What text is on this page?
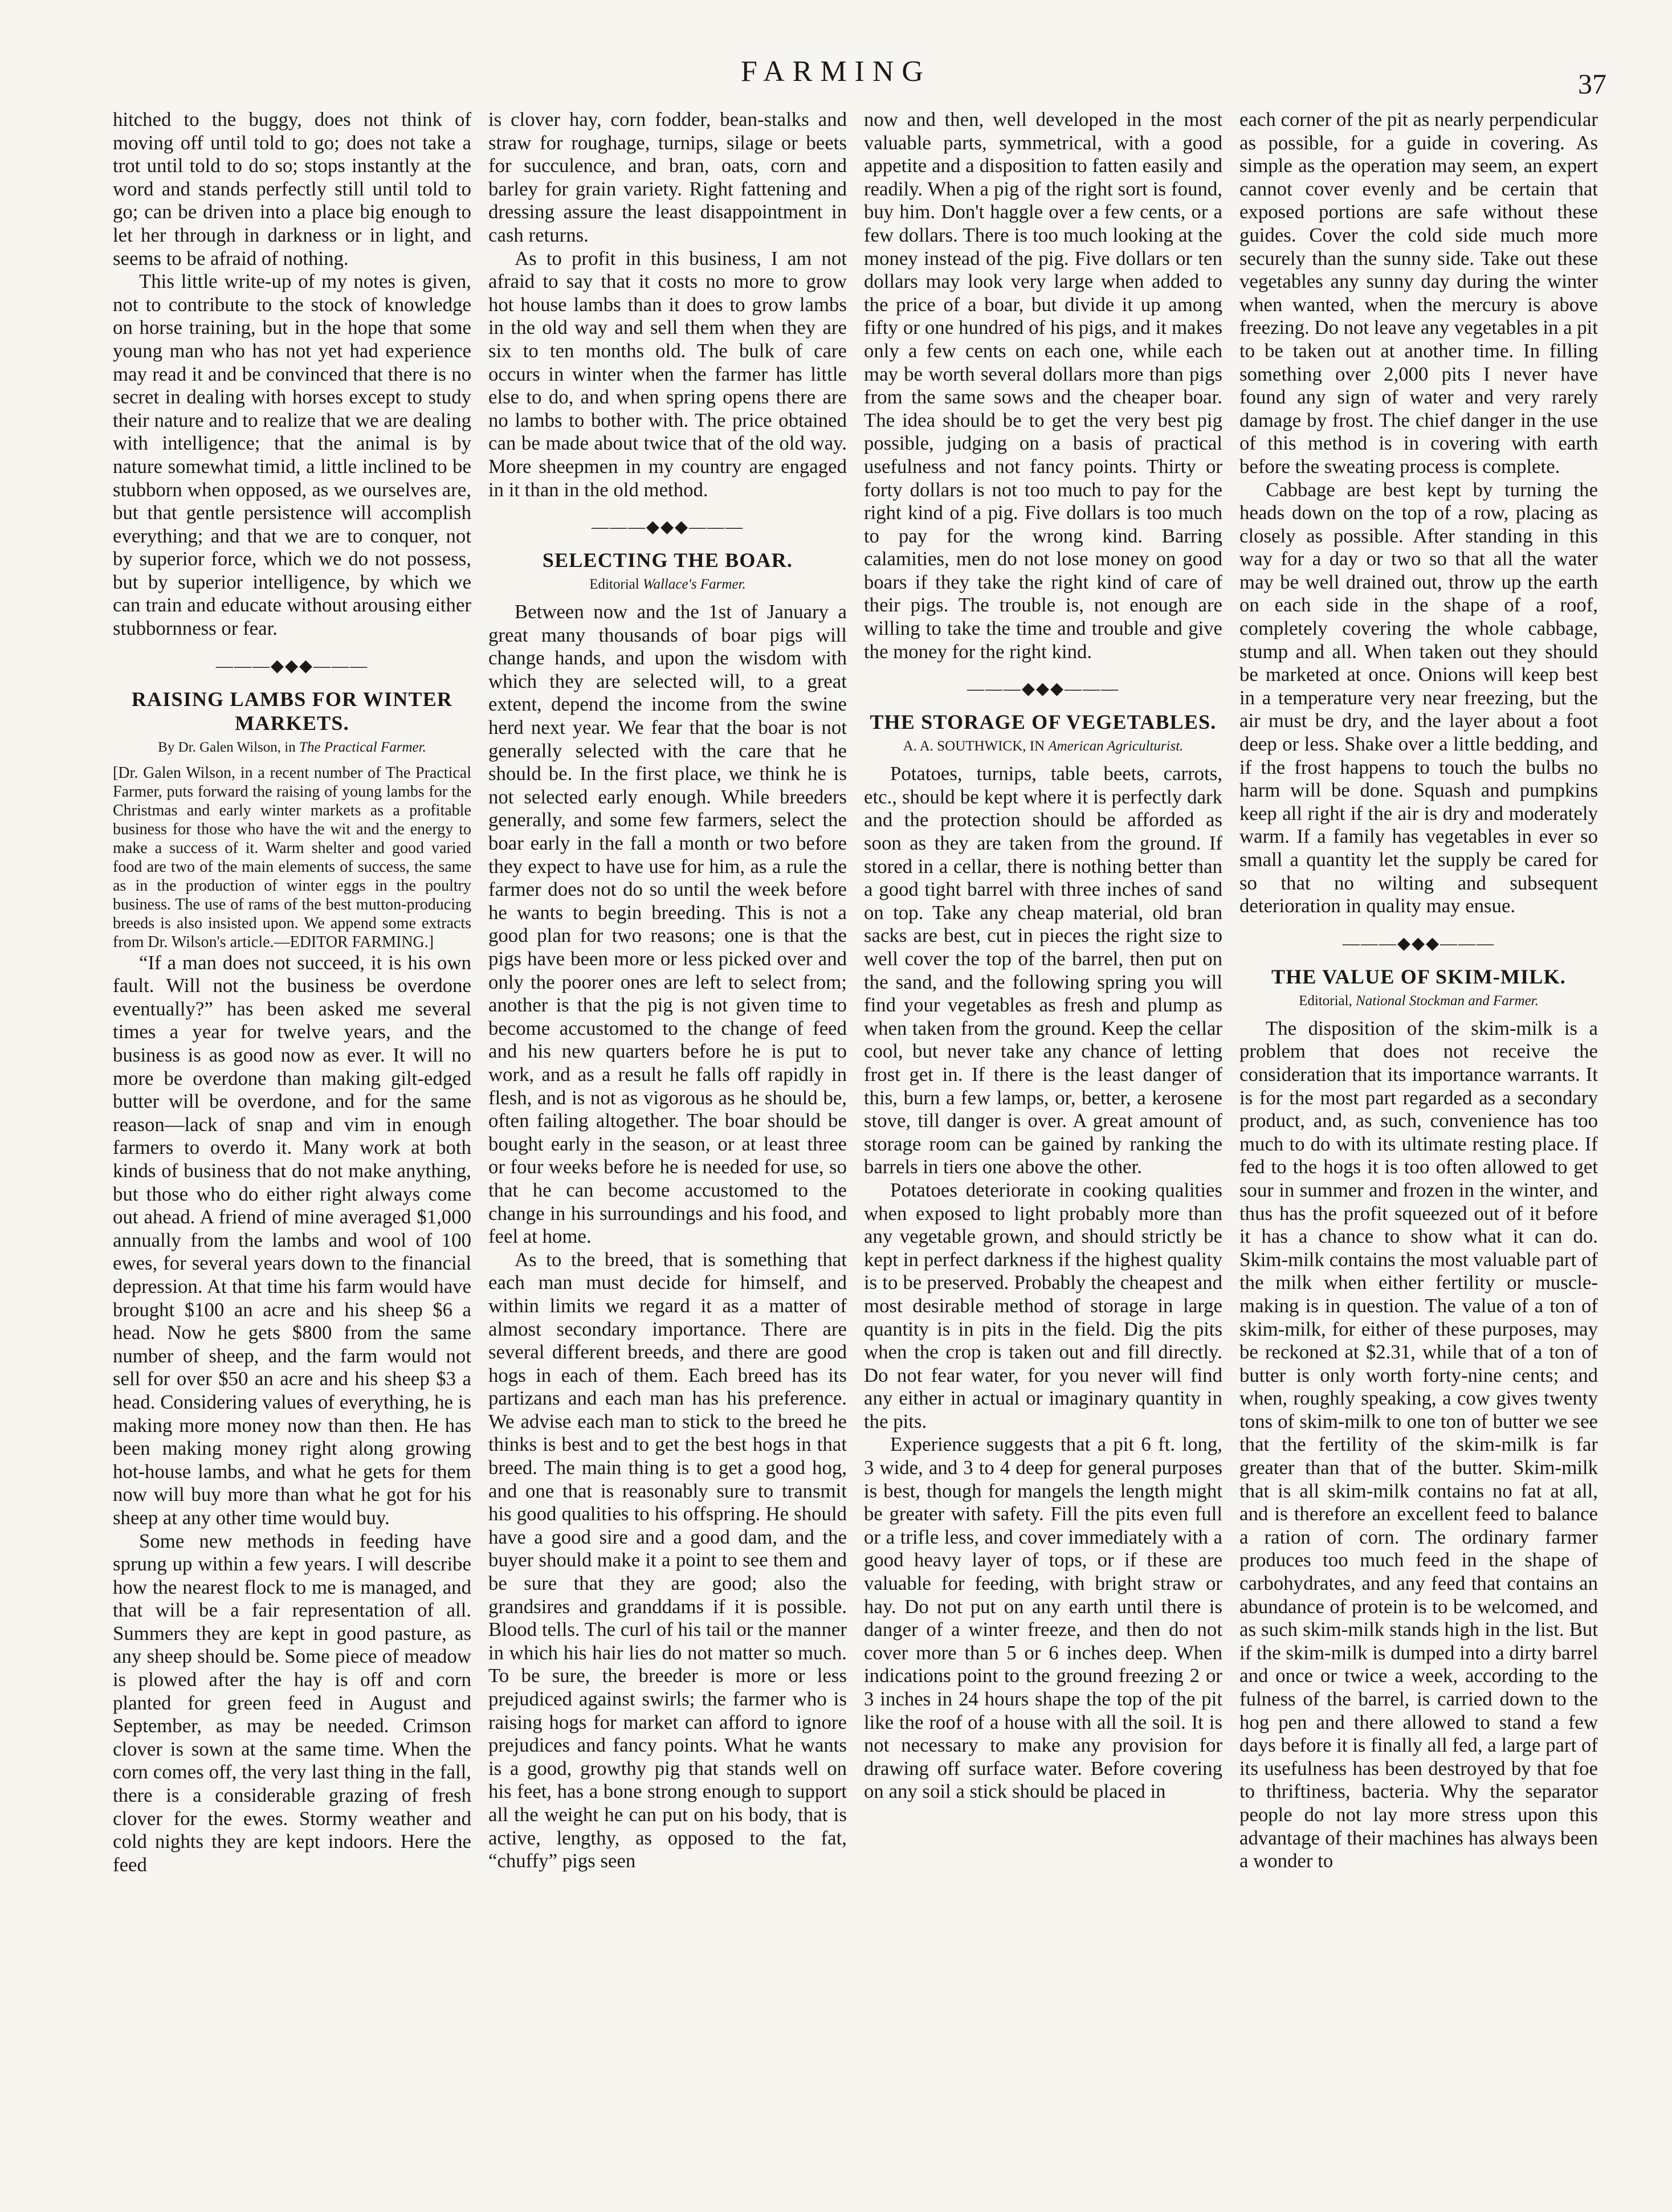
FARMING	37

hitched to the buggy, does not think of moving off until told to go; does not take a trot until told to do so; stops instantly at the word and stands perfectly still until told to go; can be driven into a place big enough to let her through in darkness or in light, and seems to be afraid of nothing.

This little write-up of my notes is given, not to contribute to the stock of knowledge on horse training, but in the hope that some young man who has not yet had experience may read it and be convinced that there is no secret in dealing with horses except to study their nature and to realize that we are dealing with intelligence; that the animal is by nature somewhat timid, a little inclined to be stubborn when opposed, as we ourselves are, but that gentle persistence will accomplish everything; and that we are to conquer, not by superior force, which we do not possess, but by superior intelligence, by which we can train and educate without arousing either stubbornness or fear.

———◆◆◆———
RAISING LAMBS FOR WINTER MARKETS.
By Dr. Galen Wilson, in The Practical Farmer.

[Dr. Galen Wilson, in a recent number of The Practical Farmer, puts forward the raising of young lambs for the Christmas and early winter markets as a profitable business for those who have the wit and the energy to make a success of it. Warm shelter and good varied food are two of the main elements of success, the same as in the production of winter eggs in the poultry business. The use of rams of the best mutton-producing breeds is also insisted upon. We append some extracts from Dr. Wilson's article.—EDITOR FARMING.]

“If a man does not succeed, it is his own fault. Will not the business be overdone eventually?” has been asked me several times a year for twelve years, and the business is as good now as ever. It will no more be overdone than making gilt-edged butter will be overdone, and for the same reason—lack of snap and vim in enough farmers to overdo it. Many work at both kinds of business that do not make anything, but those who do either right always come out ahead. A friend of mine averaged $1,000 annually from the lambs and wool of 100 ewes, for several years down to the financial depression. At that time his farm would have brought $100 an acre and his sheep $6 a head. Now he gets $800 from the same number of sheep, and the farm would not sell for over $50 an acre and his sheep $3 a head. Considering values of everything, he is making more money now than then. He has been making money right along growing hot-house lambs, and what he gets for them now will buy more than what he got for his sheep at any other time would buy.

Some new methods in feeding have sprung up within a few years. I will describe how the nearest flock to me is managed, and that will be a fair representation of all. Summers they are kept in good pasture, as any sheep should be. Some piece of meadow is plowed after the hay is off and corn planted for green feed in August and September, as may be needed. Crimson clover is sown at the same time. When the corn comes off, the very last thing in the fall, there is a considerable grazing of fresh clover for the ewes. Stormy weather and cold nights they are kept indoors. Here the feed

is clover hay, corn fodder, bean-stalks and straw for roughage, turnips, silage or beets for succulence, and bran, oats, corn and barley for grain variety. Right fattening and dressing assure the least disappointment in cash returns.

As to profit in this business, I am not afraid to say that it costs no more to grow hot house lambs than it does to grow lambs in the old way and sell them when they are six to ten months old. The bulk of care occurs in winter when the farmer has little else to do, and when spring opens there are no lambs to bother with. The price obtained can be made about twice that of the old way. More sheepmen in my country are engaged in it than in the old method.

———◆◆◆———
SELECTING THE BOAR.
Editorial Wallace's Farmer.

Between now and the 1st of January a great many thousands of boar pigs will change hands, and upon the wisdom with which they are selected will, to a great extent, depend the income from the swine herd next year. We fear that the boar is not generally selected with the care that he should be. In the first place, we think he is not selected early enough. While breeders generally, and some few farmers, select the boar early in the fall a month or two before they expect to have use for him, as a rule the farmer does not do so until the week before he wants to begin breeding. This is not a good plan for two reasons; one is that the pigs have been more or less picked over and only the poorer ones are left to select from; another is that the pig is not given time to become accustomed to the change of feed and his new quarters before he is put to work, and as a result he falls off rapidly in flesh, and is not as vigorous as he should be, often failing altogether. The boar should be bought early in the season, or at least three or four weeks before he is needed for use, so that he can become accustomed to the change in his surroundings and his food, and feel at home.

As to the breed, that is something that each man must decide for himself, and within limits we regard it as a matter of almost secondary importance. There are several different breeds, and there are good hogs in each of them. Each breed has its partizans and each man has his preference. We advise each man to stick to the breed he thinks is best and to get the best hogs in that breed. The main thing is to get a good hog, and one that is reasonably sure to transmit his good qualities to his offspring. He should have a good sire and a good dam, and the buyer should make it a point to see them and be sure that they are good; also the grandsires and granddams if it is possible. Blood tells. The curl of his tail or the manner in which his hair lies do not matter so much. To be sure, the breeder is more or less prejudiced against swirls; the farmer who is raising hogs for market can afford to ignore prejudices and fancy points. What he wants is a good, growthy pig that stands well on his feet, has a bone strong enough to support all the weight he can put on his body, that is active, lengthy, as opposed to the fat, “chuffy” pigs seen

now and then, well developed in the most valuable parts, symmetrical, with a good appetite and a disposition to fatten easily and readily. When a pig of the right sort is found, buy him. Don't haggle over a few cents, or a few dollars. There is too much looking at the money instead of the pig. Five dollars or ten dollars may look very large when added to the price of a boar, but divide it up among fifty or one hundred of his pigs, and it makes only a few cents on each one, while each may be worth several dollars more than pigs from the same sows and the cheaper boar. The idea should be to get the very best pig possible, judging on a basis of practical usefulness and not fancy points. Thirty or forty dollars is not too much to pay for the right kind of a pig. Five dollars is too much to pay for the wrong kind. Barring calamities, men do not lose money on good boars if they take the right kind of care of their pigs. The trouble is, not enough are willing to take the time and trouble and give the money for the right kind.

———◆◆◆———
THE STORAGE OF VEGETABLES.
A. A. SOUTHWICK, IN American Agriculturist.

Potatoes, turnips, table beets, carrots, etc., should be kept where it is perfectly dark and the protection should be afforded as soon as they are taken from the ground. If stored in a cellar, there is nothing better than a good tight barrel with three inches of sand on top. Take any cheap material, old bran sacks are best, cut in pieces the right size to well cover the top of the barrel, then put on the sand, and the following spring you will find your vegetables as fresh and plump as when taken from the ground. Keep the cellar cool, but never take any chance of letting frost get in. If there is the least danger of this, burn a few lamps, or, better, a kerosene stove, till danger is over. A great amount of storage room can be gained by ranking the barrels in tiers one above the other.

Potatoes deteriorate in cooking qualities when exposed to light probably more than any vegetable grown, and should strictly be kept in perfect darkness if the highest quality is to be preserved. Probably the cheapest and most desirable method of storage in large quantity is in pits in the field. Dig the pits when the crop is taken out and fill directly. Do not fear water, for you never will find any either in actual or imaginary quantity in the pits.

Experience suggests that a pit 6 ft. long, 3 wide, and 3 to 4 deep for general purposes is best, though for mangels the length might be greater with safety. Fill the pits even full or a trifle less, and cover immediately with a good heavy layer of tops, or if these are valuable for feeding, with bright straw or hay. Do not put on any earth until there is danger of a winter freeze, and then do not cover more than 5 or 6 inches deep. When indications point to the ground freezing 2 or 3 inches in 24 hours shape the top of the pit like the roof of a house with all the soil. It is not necessary to make any provision for drawing off surface water. Before covering on any soil a stick should be placed in

each corner of the pit as nearly perpendicular as possible, for a guide in covering. As simple as the operation may seem, an expert cannot cover evenly and be certain that exposed portions are safe without these guides. Cover the cold side much more securely than the sunny side. Take out these vegetables any sunny day during the winter when wanted, when the mercury is above freezing. Do not leave any vegetables in a pit to be taken out at another time. In filling something over 2,000 pits I never have found any sign of water and very rarely damage by frost. The chief danger in the use of this method is in covering with earth before the sweating process is complete.

Cabbage are best kept by turning the heads down on the top of a row, placing as closely as possible. After standing in this way for a day or two so that all the water may be well drained out, throw up the earth on each side in the shape of a roof, completely covering the whole cabbage, stump and all. When taken out they should be marketed at once. Onions will keep best in a temperature very near freezing, but the air must be dry, and the layer about a foot deep or less. Shake over a little bedding, and if the frost happens to touch the bulbs no harm will be done. Squash and pumpkins keep all right if the air is dry and moderately warm. If a family has vegetables in ever so small a quantity let the supply be cared for so that no wilting and subsequent deterioration in quality may ensue.

———◆◆◆———
THE VALUE OF SKIM-MILK.
Editorial, National Stockman and Farmer.

The disposition of the skim-milk is a problem that does not receive the consideration that its importance warrants. It is for the most part regarded as a secondary product, and, as such, convenience has too much to do with its ultimate resting place. If fed to the hogs it is too often allowed to get sour in summer and frozen in the winter, and thus has the profit squeezed out of it before it has a chance to show what it can do. Skim-milk contains the most valuable part of the milk when either fertility or muscle-making is in question. The value of a ton of skim-milk, for either of these purposes, may be reckoned at $2.31, while that of a ton of butter is only worth forty-nine cents; and when, roughly speaking, a cow gives twenty tons of skim-milk to one ton of butter we see that the fertility of the skim-milk is far greater than that of the butter. Skim-milk that is all skim-milk contains no fat at all, and is therefore an excellent feed to balance a ration of corn. The ordinary farmer produces too much feed in the shape of carbohydrates, and any feed that contains an abundance of protein is to be welcomed, and as such skim-milk stands high in the list. But if the skim-milk is dumped into a dirty barrel and once or twice a week, according to the fulness of the barrel, is carried down to the hog pen and there allowed to stand a few days before it is finally all fed, a large part of its usefulness has been destroyed by that foe to thriftiness, bacteria. Why the separator people do not lay more stress upon this advantage of their machines has always been a wonder to
